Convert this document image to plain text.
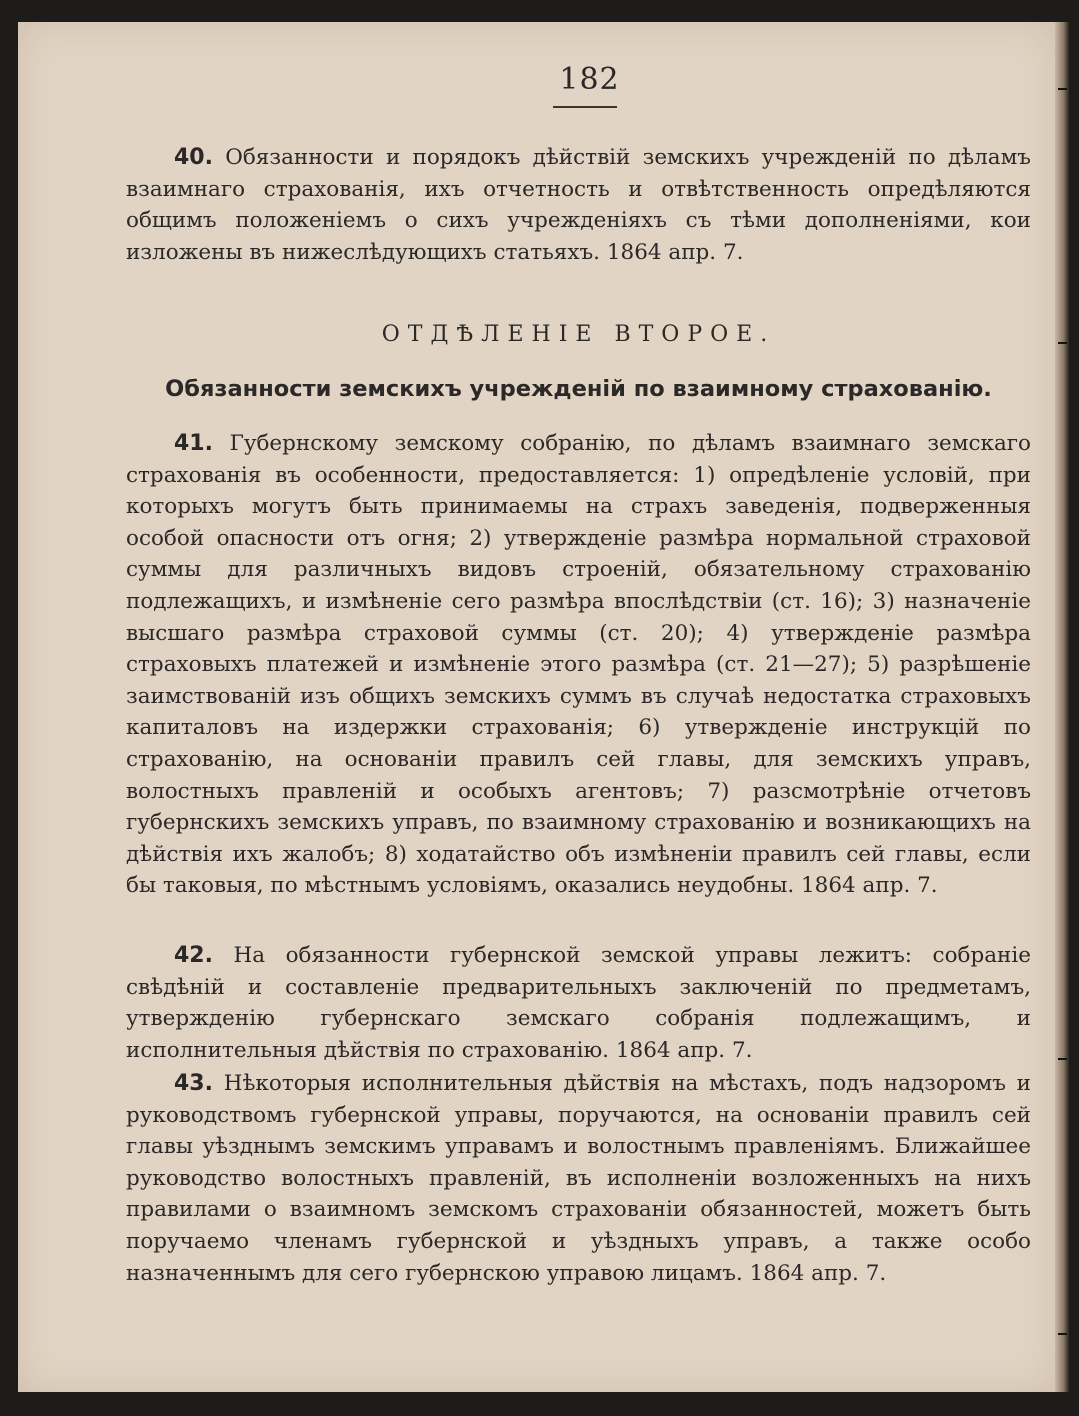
182

40. Обязанности и порядокъ дѣйствій земскихъ учрежденій по дѣламъ взаимнаго страхованія, ихъ отчетность и отвѣтственность опредѣляются общимъ положеніемъ о сихъ учрежденіяхъ съ тѣми дополненіями, кои изложены въ нижеслѣдующихъ статьяхъ. 1864 апр. 7.

ОТДѢЛЕНІЕ ВТОРОЕ.
Обязанности земскихъ учрежденій по взаимному страхованію.

41. Губернскому земскому собранію, по дѣламъ взаимнаго земскаго страхованія въ особенности, предоставляется: 1) опредѣленіе условій, при которыхъ могутъ быть принимаемы на страхъ заведенія, подверженныя особой опасности отъ огня; 2) утвержденіе размѣра нормальной страховой суммы для различныхъ видовъ строеній, обязательному страхованію подлежащихъ, и измѣненіе сего размѣра впослѣдствіи (ст. 16); 3) назначеніе высшаго размѣра страховой суммы (ст. 20); 4) утвержденіе размѣра страховыхъ платежей и измѣненіе этого размѣра (ст. 21—27); 5) разрѣшеніе заимствованій изъ общихъ земскихъ суммъ въ случаѣ недостатка страховыхъ капиталовъ на издержки страхованія; 6) утвержденіе инструкцій по страхованію, на основаніи правилъ сей главы, для земскихъ управъ, волостныхъ правленій и особыхъ агентовъ; 7) разсмотрѣніе отчетовъ губернскихъ земскихъ управъ, по взаимному страхованію и возникающихъ на дѣйствія ихъ жалобъ; 8) ходатайство объ измѣненіи правилъ сей главы, если бы таковыя, по мѣстнымъ условіямъ, оказались неудобны. 1864 апр. 7.

42. На обязанности губернской земской управы лежитъ: собраніе свѣдѣній и составленіе предварительныхъ заключеній по предметамъ, утвержденію губернскаго земскаго собранія подлежащимъ, и исполнительныя дѣйствія по страхованію. 1864 апр. 7.

43. Нѣкоторыя исполнительныя дѣйствія на мѣстахъ, подъ надзоромъ и руководствомъ губернской управы, поручаются, на основаніи правилъ сей главы уѣзднымъ земскимъ управамъ и волостнымъ правленіямъ. Ближайшее руководство волостныхъ правленій, въ исполненіи возложенныхъ на нихъ правилами о взаимномъ земскомъ страхованіи обязанностей, можетъ быть поручаемо членамъ губернской и уѣздныхъ управъ, а также особо назначеннымъ для сего губернскою управою лицамъ. 1864 апр. 7.
